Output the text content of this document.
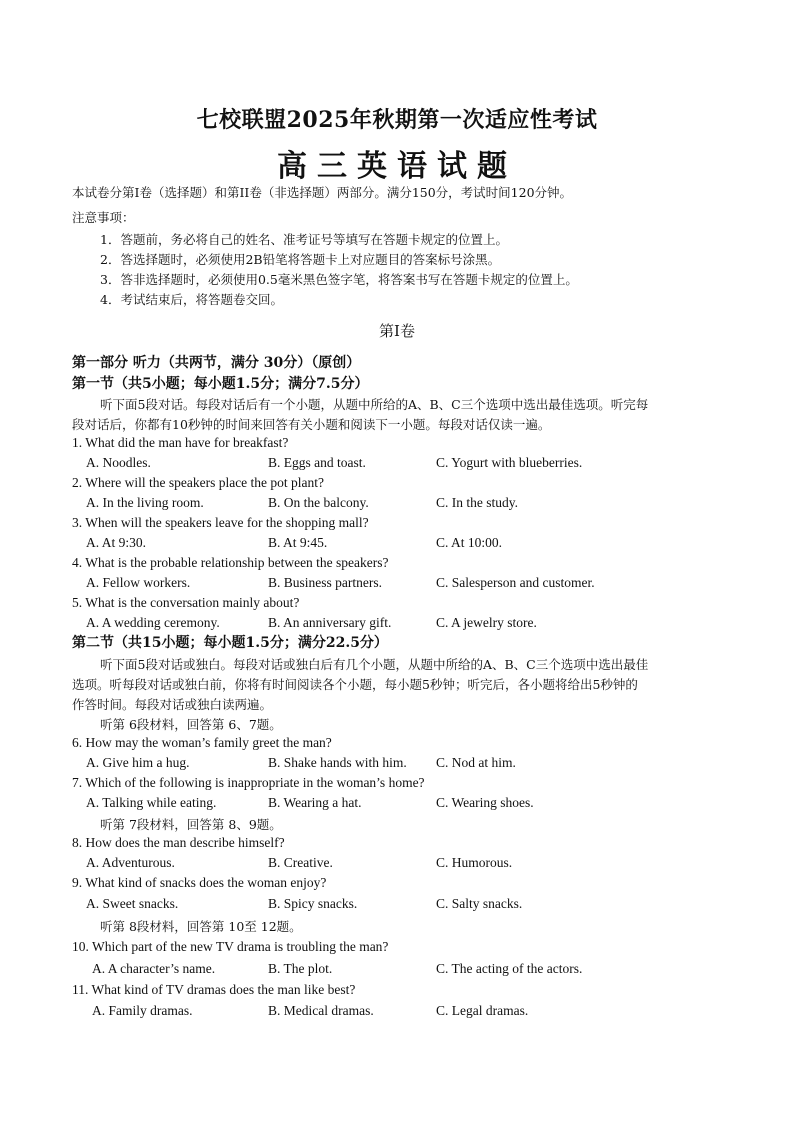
七校联盟2025年秋期第一次适应性考试
高三英语试题
本试卷分第I卷（选择题）和第II卷（非选择题）两部分。满分150分，考试时间120分钟。
注意事项：
1．答题前，务必将自己的姓名、准考证号等填写在答题卡规定的位置上。
2．答选择题时，必须使用2B铅笔将答题卡上对应题目的答案标号涂黑。
3．答非选择题时，必须使用0.5毫米黑色签字笔，将答案书写在答题卡规定的位置上。
4．考试结束后，将答题卷交回。
第I卷
第一部分 听力（共两节，满分 30分）（原创）
第一节（共5小题；每小题1.5分；满分7.5分）
听下面5段对话。每段对话后有一个小题，从题中所给的A、B、C三个选项中选出最佳选项。听完每
段对话后，你都有10秒钟的时间来回答有关小题和阅读下一小题。每段对话仅读一遍。
1. What did the man have for breakfast?
A. Noodles.	B. Eggs and toast.	C. Yogurt with blueberries.
2. Where will the speakers place the pot plant?
A. In the living room.	B. On the balcony.	C. In the study.
3. When will the speakers leave for the shopping mall?
A. At 9:30.	B. At 9:45.	C. At 10:00.
4. What is the probable relationship between the speakers?
A. Fellow workers.	B. Business partners.	C. Salesperson and customer.
5. What is the conversation mainly about?
A. A wedding ceremony.	B. An anniversary gift.	C. A jewelry store.
第二节（共15小题；每小题1.5分；满分22.5分）
听下面5段对话或独白。每段对话或独白后有几个小题，从题中所给的A、B、C三个选项中选出最佳
选项。听每段对话或独白前，你将有时间阅读各个小题，每小题5秒钟；听完后，各小题将给出5秒钟的
作答时间。每段对话或独白读两遍。
听第 6段材料，回答第 6、7题。
6. How may the woman’s family greet the man?
A. Give him a hug.	B. Shake hands with him. C. Nod at him.
7. Which of the following is inappropriate in the woman’s home?
A. Talking while eating.	B. Wearing a hat.	C. Wearing shoes.
听第 7段材料，回答第 8、9题。
8. How does the man describe himself?
A. Adventurous.	B. Creative.	C. Humorous.
9. What kind of snacks does the woman enjoy?
A. Sweet snacks.	B. Spicy snacks.	C. Salty snacks.
听第 8段材料，回答第 10至 12题。
10. Which part of the new TV drama is troubling the man?
A. A character’s name.	B. The plot.	C. The acting of the actors.
11. What kind of TV dramas does the man like best?
A. Family dramas.	B. Medical dramas.	C. Legal dramas.
